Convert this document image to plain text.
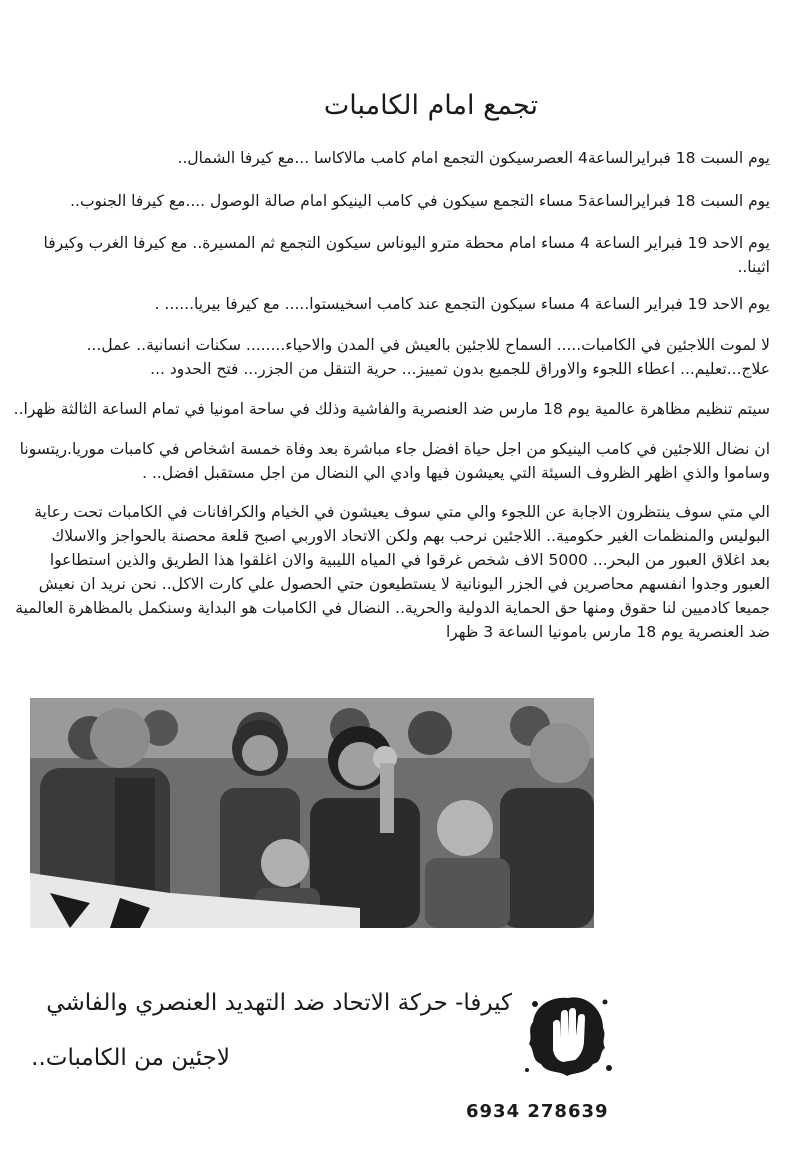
تجمع امام الكامبات
يوم السبت 18 فبرايرالساعة4 العصرسيكون التجمع امام كامب مالاكاسا ...مع كيرفا الشمال..
يوم السبت 18 فبرايرالساعة5 مساء التجمع سيكون في كامب الينيكو امام صالة الوصول ....مع كيرفا الجنوب..
يوم الاحد 19 فبراير الساعة 4 مساء امام محطة مترو اليوناس سيكون التجمع ثم المسيرة.. مع كيرفا الغرب وكيرفا
اثينا..
يوم الاحد 19 فبراير الساعة 4 مساء سيكون التجمع عند كامب اسخيستوا..... مع كيرفا بيريا...... .
لا لموت اللاجئين في الكامبات..... السماح للاجئين بالعيش في المدن والاحياء........ سكنات انسانية.. عمل...
علاج...تعليم... اعطاء اللجوء والاوراق للجميع بدون تمييز... حرية التنقل من الجزر... فتح الحدود ...
سيتم تنظيم مظاهرة عالمية يوم 18 مارس ضد العنصرية والفاشية وذلك في ساحة امونيا في تمام الساعة الثالثة ظهرا..
ان نضال اللاجئين في كامب الينيكو من اجل حياة افضل جاء مباشرة بعد وفاة خمسة اشخاص في كامبات موريا.ريتسونا
وساموا والذي اظهر الظروف السيئة التي يعيشون فيها وادي الي النضال من اجل مستقبل افضل.. .
الي متي سوف ينتظرون الاجابة عن اللجوء والي متي سوف يعيشون في الخيام والكرافانات في الكامبات تحت رعاية
البوليس والمنظمات الغير حكومية.. اللاجئين نرحب بهم ولكن الاتحاد الاوربي اصبح قلعة محصنة بالحواجز والاسلاك
بعد اغلاق العبور من البحر... 5000 الاف شخص غرقوا في المياه الليبية والان اغلقوا هذا الطريق والذين استطاعوا
العبور وجدوا انفسهم محاصرين في الجزر اليونانية لا يستطيعون حتي الحصول علي كارت الاكل.. نحن نريد ان نعيش
جميعا كادميين لنا حقوق ومنها حق الحماية الدولية والحرية.. النضال في الكامبات هو البداية وسنكمل بالمظاهرة العالمية
ضد العنصرية يوم 18 مارس بامونيا الساعة 3 ظهرا
كيرفا- حركة الاتحاد ضد التهديد العنصري والفاشي
لاجئين من الكامبات..
6934 278639
